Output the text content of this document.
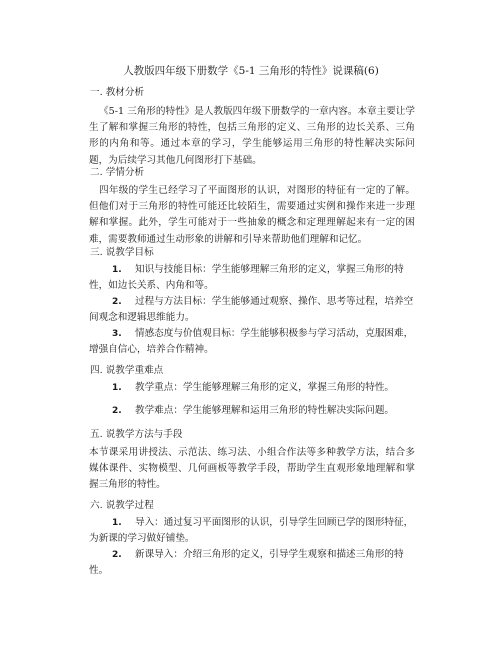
人教版四年级下册数学《5-1 三角形的特性》说课稿(6)
一. 教材分析
《5-1 三角形的特性》是人教版四年级下册数学的一章内容。本章主要让学生了解和掌握三角形的特性，包括三角形的定义、三角形的边长关系、三角形的内角和等。通过本章的学习，学生能够运用三角形的特性解决实际问题，为后续学习其他几何图形打下基础。
二. 学情分析
四年级的学生已经学习了平面图形的认识，对图形的特征有一定的了解。但他们对于三角形的特性可能还比较陌生，需要通过实例和操作来进一步理解和掌握。此外，学生可能对于一些抽象的概念和定理理解起来有一定的困难，需要教师通过生动形象的讲解和引导来帮助他们理解和记忆。
三. 说教学目标
1. 知识与技能目标：学生能够理解三角形的定义，掌握三角形的特性，如边长关系、内角和等。
2. 过程与方法目标：学生能够通过观察、操作、思考等过程，培养空间观念和逻辑思维能力。
3. 情感态度与价值观目标：学生能够积极参与学习活动，克服困难，增强自信心，培养合作精神。
四. 说教学重难点
1. 教学重点：学生能够理解三角形的定义，掌握三角形的特性。
2. 教学难点：学生能够理解和运用三角形的特性解决实际问题。
五. 说教学方法与手段
本节课采用讲授法、示范法、练习法、小组合作法等多种教学方法，结合多媒体课件、实物模型、几何画板等教学手段，帮助学生直观形象地理解和掌握三角形的特性。
六. 说教学过程
1. 导入：通过复习平面图形的认识，引导学生回顾已学的图形特征，为新课的学习做好铺垫。
2. 新课导入：介绍三角形的定义，引导学生观察和描述三角形的特性。
